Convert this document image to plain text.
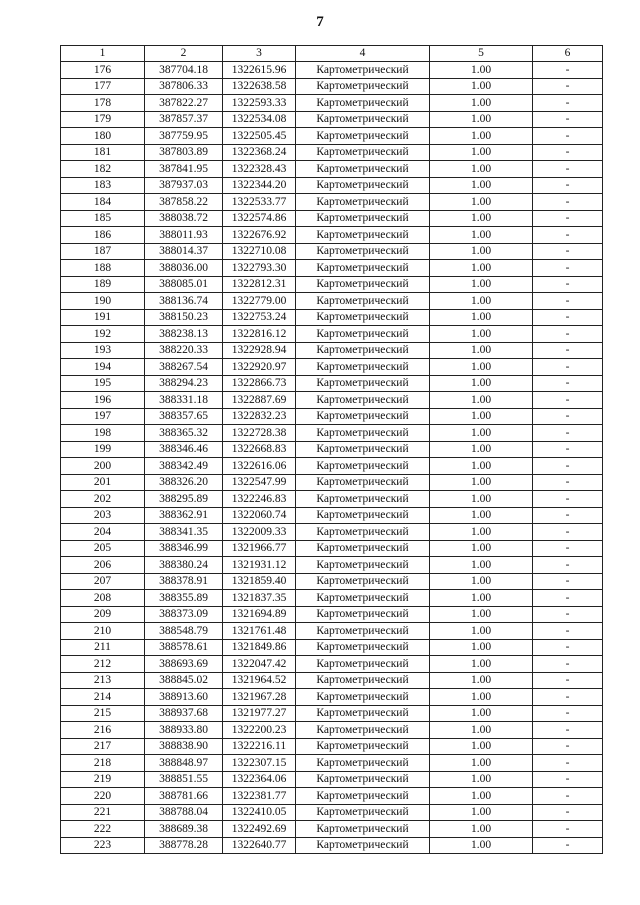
7
1	2	3	4	5	6
176	387704.18	1322615.96	Картометрический	1.00	-
177	387806.33	1322638.58	Картометрический	1.00	-
178	387822.27	1322593.33	Картометрический	1.00	-
179	387857.37	1322534.08	Картометрический	1.00	-
180	387759.95	1322505.45	Картометрический	1.00	-
181	387803.89	1322368.24	Картометрический	1.00	-
182	387841.95	1322328.43	Картометрический	1.00	-
183	387937.03	1322344.20	Картометрический	1.00	-
184	387858.22	1322533.77	Картометрический	1.00	-
185	388038.72	1322574.86	Картометрический	1.00	-
186	388011.93	1322676.92	Картометрический	1.00	-
187	388014.37	1322710.08	Картометрический	1.00	-
188	388036.00	1322793.30	Картометрический	1.00	-
189	388085.01	1322812.31	Картометрический	1.00	-
190	388136.74	1322779.00	Картометрический	1.00	-
191	388150.23	1322753.24	Картометрический	1.00	-
192	388238.13	1322816.12	Картометрический	1.00	-
193	388220.33	1322928.94	Картометрический	1.00	-
194	388267.54	1322920.97	Картометрический	1.00	-
195	388294.23	1322866.73	Картометрический	1.00	-
196	388331.18	1322887.69	Картометрический	1.00	-
197	388357.65	1322832.23	Картометрический	1.00	-
198	388365.32	1322728.38	Картометрический	1.00	-
199	388346.46	1322668.83	Картометрический	1.00	-
200	388342.49	1322616.06	Картометрический	1.00	-
201	388326.20	1322547.99	Картометрический	1.00	-
202	388295.89	1322246.83	Картометрический	1.00	-
203	388362.91	1322060.74	Картометрический	1.00	-
204	388341.35	1322009.33	Картометрический	1.00	-
205	388346.99	1321966.77	Картометрический	1.00	-
206	388380.24	1321931.12	Картометрический	1.00	-
207	388378.91	1321859.40	Картометрический	1.00	-
208	388355.89	1321837.35	Картометрический	1.00	-
209	388373.09	1321694.89	Картометрический	1.00	-
210	388548.79	1321761.48	Картометрический	1.00	-
211	388578.61	1321849.86	Картометрический	1.00	-
212	388693.69	1322047.42	Картометрический	1.00	-
213	388845.02	1321964.52	Картометрический	1.00	-
214	388913.60	1321967.28	Картометрический	1.00	-
215	388937.68	1321977.27	Картометрический	1.00	-
216	388933.80	1322200.23	Картометрический	1.00	-
217	388838.90	1322216.11	Картометрический	1.00	-
218	388848.97	1322307.15	Картометрический	1.00	-
219	388851.55	1322364.06	Картометрический	1.00	-
220	388781.66	1322381.77	Картометрический	1.00	-
221	388788.04	1322410.05	Картометрический	1.00	-
222	388689.38	1322492.69	Картометрический	1.00	-
223	388778.28	1322640.77	Картометрический	1.00	-
